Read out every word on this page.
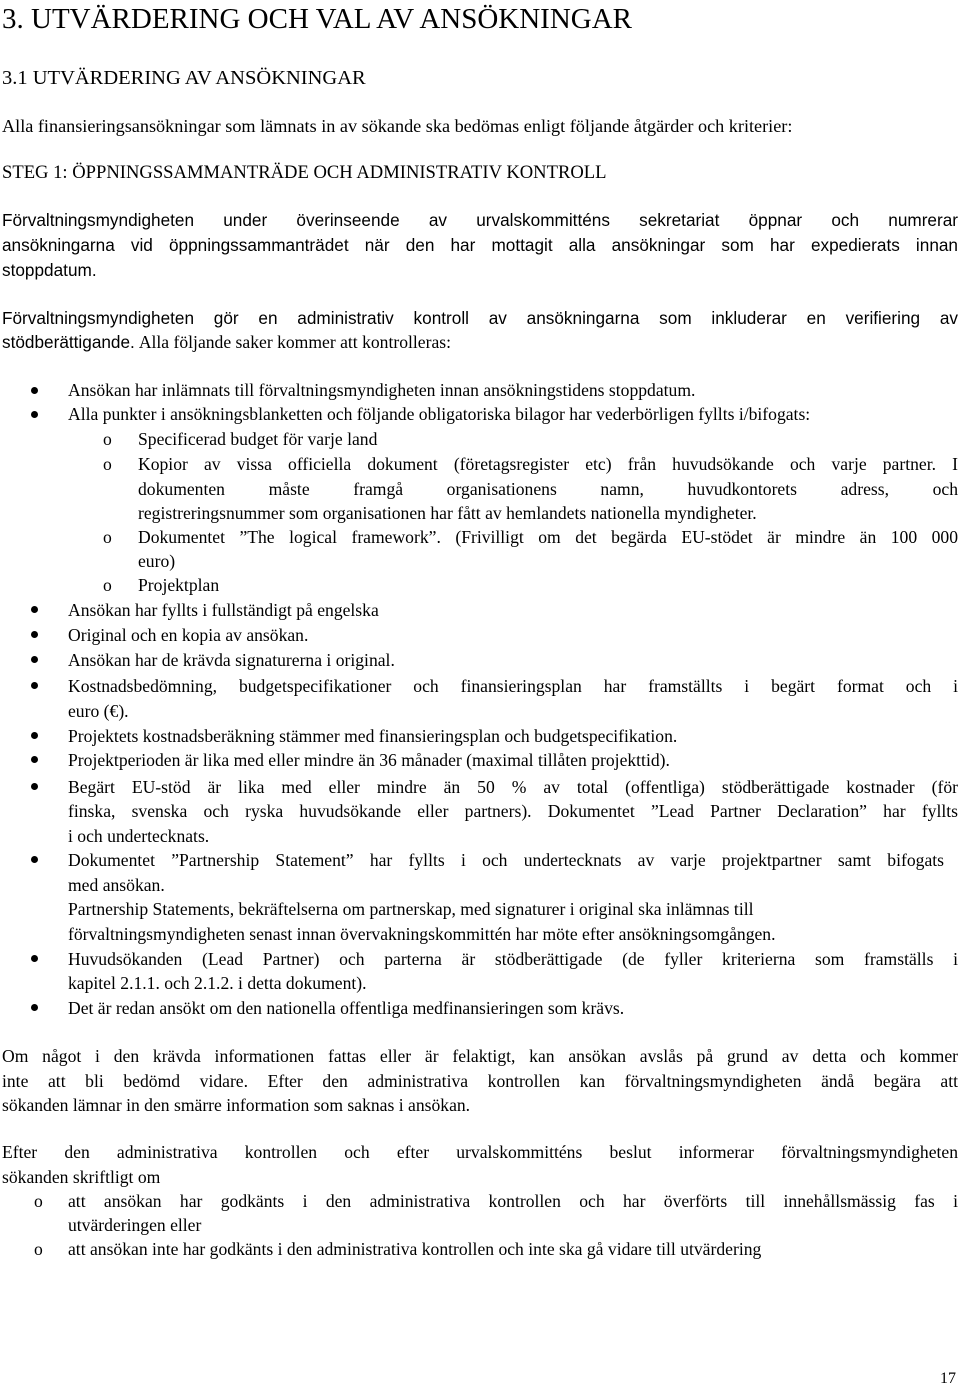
3. UTVÄRDERING OCH VAL AV ANSÖKNINGAR
3.1 UTVÄRDERING AV ANSÖKNINGAR
Alla finansieringsansökningar som lämnats in av sökande ska bedömas enligt följande åtgärder och kriterier:
STEG 1: ÖPPNINGSSAMMANTRÄDE OCH ADMINISTRATIV KONTROLL
Förvaltningsmyndigheten under överinseende av urvalskommitténs sekretariat öppnar och numrerar
ansökningarna vid öppningssammanträdet när den har mottagit alla ansökningar som har expedierats innan
stoppdatum.
Förvaltningsmyndigheten gör en administrativ kontroll av ansökningarna som inkluderar en verifiering av
stödberättigande. Alla följande saker kommer att kontrolleras:
Ansökan har inlämnats till förvaltningsmyndigheten innan ansökningstidens stoppdatum.
Alla punkter i ansökningsblanketten och följande obligatoriska bilagor har vederbörligen fyllts i/bifogats:
o Specificerad budget för varje land
o Kopior av vissa officiella dokument (företagsregister etc) från huvudsökande och varje partner. I
dokumenten måste framgå organisationens namn, huvudkontorets adress, och
registreringsnummer som organisationen har fått av hemlandets nationella myndigheter.
o Dokumentet ”The logical framework”. (Frivilligt om det begärda EU-stödet är mindre än 100 000
euro)
o Projektplan
Ansökan har fyllts i fullständigt på engelska
Original och en kopia av ansökan.
Ansökan har de krävda signaturerna i original.
Kostnadsbedömning, budgetspecifikationer och finansieringsplan har framställts i begärt format och i
euro (€).
Projektets kostnadsberäkning stämmer med finansieringsplan och budgetspecifikation.
Projektperioden är lika med eller mindre än 36 månader (maximal tillåten projekttid).
Begärt EU-stöd är lika med eller mindre än 50 % av total (offentliga) stödberättigade kostnader (för
finska, svenska och ryska huvudsökande eller partners). Dokumentet ”Lead Partner Declaration” har fyllts
i och undertecknats.
Dokumentet ”Partnership Statement” har fyllts i och undertecknats av varje projektpartner samt bifogats
med ansökan.
Partnership Statements, bekräftelserna om partnerskap, med signaturer i original ska inlämnas till
förvaltningsmyndigheten senast innan övervakningskommittén har möte efter ansökningsomgången.
Huvudsökanden (Lead Partner) och parterna är stödberättigade (de fyller kriterierna som framställs i
kapitel 2.1.1. och 2.1.2. i detta dokument).
Det är redan ansökt om den nationella offentliga medfinansieringen som krävs.
Om något i den krävda informationen fattas eller är felaktigt, kan ansökan avslås på grund av detta och kommer
inte att bli bedömd vidare. Efter den administrativa kontrollen kan förvaltningsmyndigheten ändå begära att
sökanden lämnar in den smärre information som saknas i ansökan.
Efter den administrativa kontrollen och efter urvalskommitténs beslut informerar förvaltningsmyndigheten
sökanden skriftligt om
o att ansökan har godkänts i den administrativa kontrollen och har överförts till innehållsmässig fas i
utvärderingen eller
o att ansökan inte har godkänts i den administrativa kontrollen och inte ska gå vidare till utvärdering
17
